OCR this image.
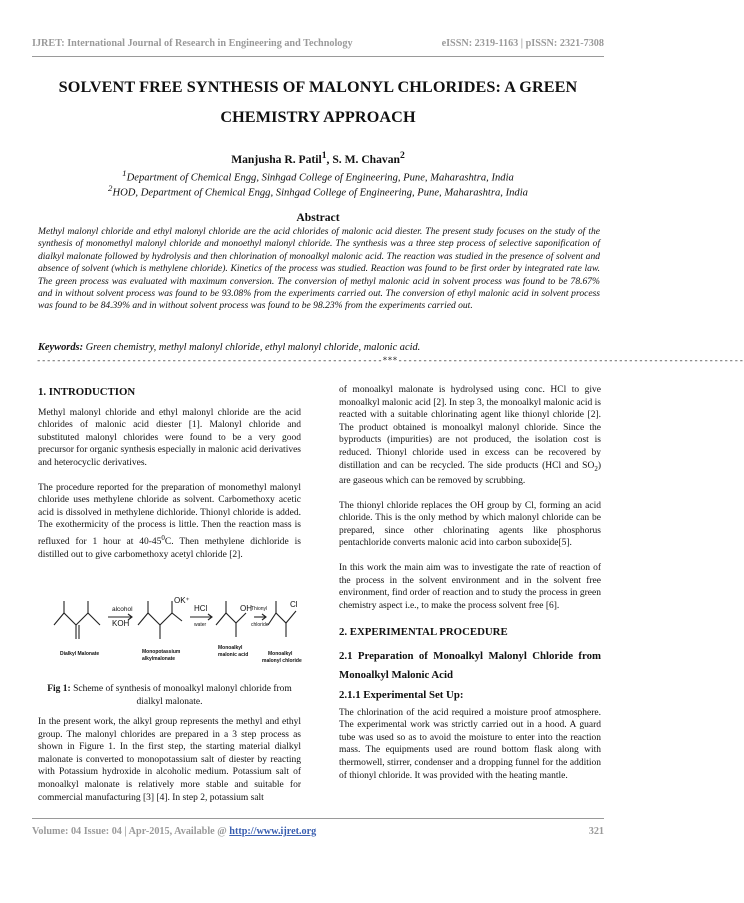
IJRET: International Journal of Research in Engineering and Technology	eISSN: 2319-1163 | pISSN: 2321-7308
SOLVENT FREE SYNTHESIS OF MALONYL CHLORIDES: A GREEN
CHEMISTRY APPROACH
Manjusha R. Patil$^1$, S. M. Chavan$^2$
$^1$Department of Chemical Engg, Sinhgad College of Engineering, Pune, Maharashtra, India
$^2$HOD, Department of Chemical Engg, Sinhgad College of Engineering, Pune, Maharashtra, India
Abstract
Methyl malonyl chloride and ethyl malonyl chloride are the acid chlorides of malonic acid diester. The present study focuses on the study of the synthesis of monomethyl malonyl chloride and monoethyl malonyl chloride. The synthesis was a three step process of selective saponification of dialkyl malonate followed by hydrolysis and then chlorination of monoalkyl malonic acid. The reaction was studied in the presence of solvent and absence of solvent (which is methylene chloride). Kinetics of the process was studied. Reaction was found to be first order by integrated rate law. The green process was evaluated with maximum conversion. The conversion of methyl malonic acid in solvent process was found to be 78.67% and in without solvent process was found to be 93.08% from the experiments carried out. The conversion of ethyl malonic acid in solvent process was found to be 84.39% and in without solvent process was found to be 98.23% from the experiments carried out.
Keywords: Green chemistry, methyl malonyl chloride, ethyl malonyl chloride, malonic acid.
---------------------------------------------------------------------***---------------------------------------------------------------------

1. INTRODUCTION

Methyl malonyl chloride and ethyl malonyl chloride are the acid chlorides of malonic acid diester [1]. Malonyl chloride and substituted malonyl chlorides were found to be a very good precursor for organic synthesis especially in malonic acid derivatives and heterocyclic derivatives.

The procedure reported for the preparation of monomethyl malonyl chloride uses methylene chloride as solvent. Carbomethoxy acetic acid is dissolved in methylene dichloride. Thionyl chloride is added. The exothermicity of the process is little. Then the reaction mass is refluxed for 1 hour at $40-45^0C$. Then methylene dichloride is distilled out to give carbomethoxy acetyl chloride [2].

alcohol
KOH
HCl
water
Thionyl
chloride
OK⁺
OH	Cl
Dialkyl Malonate	Monopotassium
alkylmalonate
Monoalkyl
malonic acid	Monoalkyl
malonyl chloride
Fig 1: Scheme of synthesis of monoalkyl malonyl chloride from dialkyl malonate.
In the present work, the alkyl group represents the methyl and ethyl group. The malonyl chlorides are prepared in a 3 step process as shown in Figure 1. In the first step, the starting material dialkyl malonate is converted to monopotassium salt of diester by reacting with Potassium hydroxide in alcoholic medium. Potassium salt of monoalkyl malonate is relatively more stable and suitable for commercial manufacturing [3] [4]. In step 2, potassium salt

of monoalkyl malonate is hydrolysed using conc. HCl to give monoalkyl malonic acid [2]. In step 3, the monoalkyl malonic acid is reacted with a suitable chlorinating agent like thionyl chloride [2]. The product obtained is monoalkyl malonyl chloride. Since the byproducts (impurities) are not produced, the isolation cost is reduced. Thionyl chloride used in excess can be recovered by distillation and can be recycled. The side products (HCl and $SO_2$) are gaseous which can be removed by scrubbing.

The thionyl chloride replaces the OH group by Cl, forming an acid chloride. This is the only method by which malonyl chloride can be prepared, since other chlorinating agents like phosphorus pentachloride converts malonic acid into carbon suboxide[5].

In this work the main aim was to investigate the rate of reaction of the process in the solvent environment and in the solvent free environment, find order of reaction and to study the process in green chemistry aspect i.e., to make the process solvent free [6].

2. EXPERIMENTAL PROCEDURE

2.1 Preparation of Monoalkyl Malonyl Chloride from Monoalkyl Malonic Acid

2.1.1 Experimental Set Up:

The chlorination of the acid required a moisture proof atmosphere. The experimental work was strictly carried out in a hood. A guard tube was used so as to avoid the moisture to enter into the reaction mass. The equipments used are round bottom flask along with thermowell, stirrer, condenser and a dropping funnel for the addition of thionyl chloride. It was provided with the heating mantle.

Volume: 04 Issue: 04 | Apr-2015, Available @ http://www.ijret.org	321
